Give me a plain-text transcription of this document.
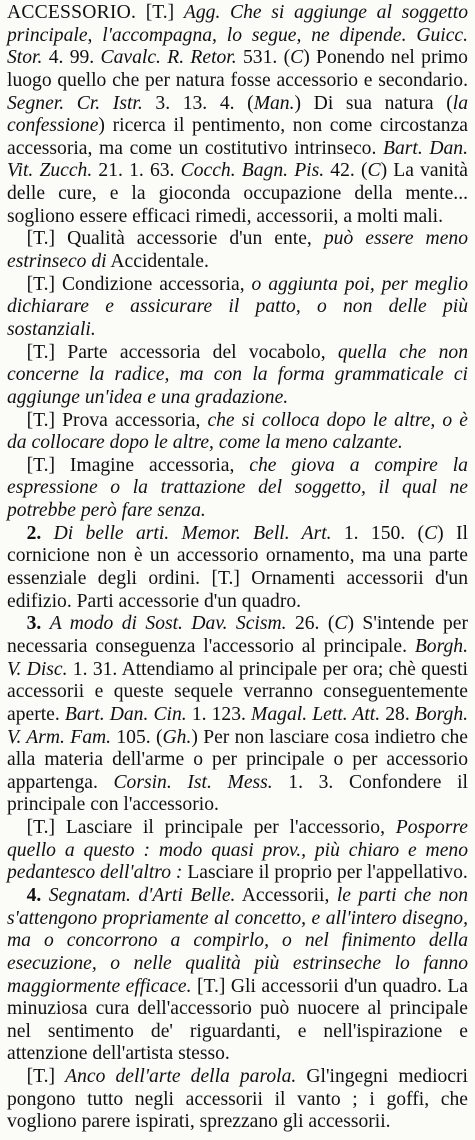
ACCESSORIO. [T.] Agg. Che si aggiunge al soggetto principale, l'accompagna, lo segue, ne dipende. Guicc. Stor. 4. 99. Cavalc. R. Retor. 531. (C) Ponendo nel primo luogo quello che per natura fosse accessorio e secondario. Segner. Cr. Istr. 3. 13. 4. (Man.) Di sua natura (la confessione) ricerca il pentimento, non come circostanza accessoria, ma come un costitutivo intrinseco. Bart. Dan. Vit. Zucch. 21. 1. 63. Cocch. Bagn. Pis. 42. (C) La vanità delle cure, e la gioconda occupazione della mente... sogliono essere efficaci rimedi, accessorii, a molti mali.

[T.] Qualità accessorie d'un ente, può essere meno estrinseco di Accidentale.

[T.] Condizione accessoria, o aggiunta poi, per meglio dichiarare e assicurare il patto, o non delle più sostanziali.

[T.] Parte accessoria del vocabolo, quella che non concerne la radice, ma con la forma grammaticale ci aggiunge un'idea e una gradazione.

[T.] Prova accessoria, che si colloca dopo le altre, o è da collocare dopo le altre, come la meno calzante.

[T.] Imagine accessoria, che giova a compire la espressione o la trattazione del soggetto, il qual ne potrebbe però fare senza.

2. Di belle arti. Memor. Bell. Art. 1. 150. (C) Il cornicione non è un accessorio ornamento, ma una parte essenziale degli ordini. [T.] Ornamenti accessorii d'un edifizio. Parti accessorie d'un quadro.

3. A modo di Sost. Dav. Scism. 26. (C) S'intende per necessaria conseguenza l'accessorio al principale. Borgh. V. Disc. 1. 31. Attendiamo al principale per ora; chè questi accessorii e queste sequele verranno conseguentemente aperte. Bart. Dan. Cin. 1. 123. Magal. Lett. Att. 28. Borgh. V. Arm. Fam. 105. (Gh.) Per non lasciare cosa indietro che alla materia dell'arme o per principale o per accessorio appartenga. Corsin. Ist. Mess. 1. 3. Confondere il principale con l'accessorio.

[T.] Lasciare il principale per l'accessorio, Posporre quello a questo : modo quasi prov., più chiaro e meno pedantesco dell'altro : Lasciare il proprio per l'appellativo.

4. Segnatam. d'Arti Belle. Accessorii, le parti che non s'attengono propriamente al concetto, e all'intero disegno, ma o concorrono a compirlo, o nel finimento della esecuzione, o nelle qualità più estrinseche lo fanno maggiormente efficace. [T.] Gli accessorii d'un quadro. La minuziosa cura dell'accessorio può nuocere al principale nel sentimento de' riguardanti, e nell'ispirazione e attenzione dell'artista stesso.

[T.] Anco dell'arte della parola. Gl'ingegni mediocri pongono tutto negli accessorii il vanto ; i goffi, che vogliono parere ispirati, sprezzano gli accessorii.
